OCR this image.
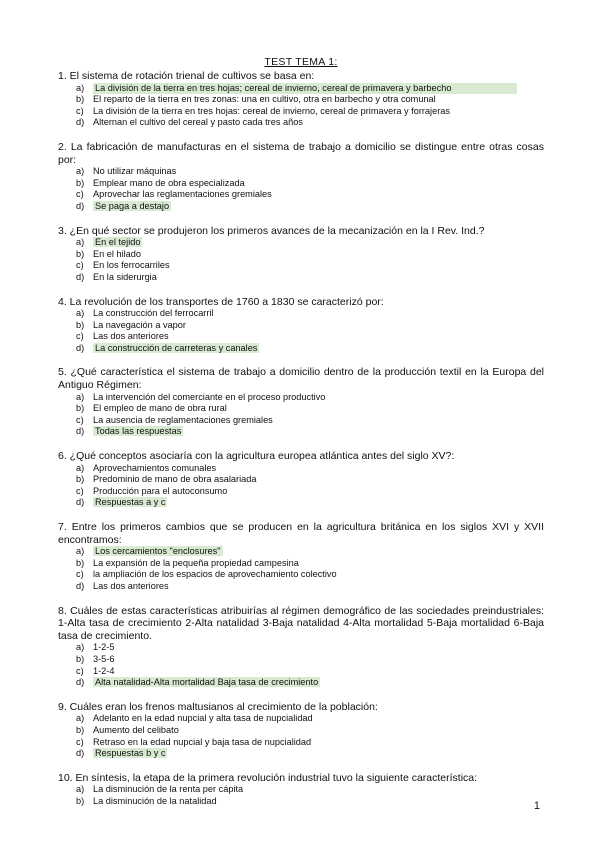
TEST TEMA 1:
1. El sistema de rotación trienal de cultivos se basa en:
a) La división de la tierra en tres hojas; cereal de invierno, cereal de primavera y barbecho
b) El reparto de la tierra en tres zonas: una en cultivo, otra en barbecho y otra comunal
c) La división de la tierra en tres hojas: cereal de invierno, cereal de primavera y forrajeras
d) Alternan el cultivo del cereal y pasto cada tres años
2. La fabricación de manufacturas en el sistema de trabajo a domicilio se distingue entre otras cosas por:
a) No utilizar máquinas
b) Emplear mano de obra especializada
c) Aprovechar las reglamentaciones gremiales
d) Se paga a destajo
3. ¿En qué sector se produjeron los primeros avances de la mecanización en la I Rev. Ind.?
a) En el tejido
b) En el hilado
c) En los ferrocarriles
d) En la siderurgia
4. La revolución de los transportes de 1760 a 1830 se caracterizó por:
a) La construcción del ferrocarril
b) La navegación a vapor
c) Las dos anteriores
d) La construcción de carreteras y canales
5. ¿Qué característica el sistema de trabajo a domicilio dentro de la producción textil en la Europa del Antiguo Régimen:
a) La intervención del comerciante en el proceso productivo
b) El empleo de mano de obra rural
c) La ausencia de reglamentaciones gremiales
d) Todas las respuestas
6. ¿Qué conceptos asociaría con la agricultura europea atlántica antes del siglo XV?:
a) Aprovechamientos comunales
b) Predominio de mano de obra asalariada
c) Producción para el autoconsumo
d) Respuestas a y c
7. Entre los primeros cambios que se producen en la agricultura británica en los siglos XVI y XVII encontramos:
a) Los cercamientos "enclosures"
b) La expansión de la pequeña propiedad campesina
c) la ampliación de los espacios de aprovechamiento colectivo
d) Las dos anteriores
8. Cuáles de estas características atribuirías al régimen demográfico de las sociedades preindustriales: 1-Alta tasa de crecimiento 2-Alta natalidad 3-Baja natalidad 4-Alta mortalidad 5-Baja mortalidad 6-Baja tasa de crecimiento.
a) 1-2-5
b) 3-5-6
c) 1-2-4
d) Alta natalidad-Alta mortalidad Baja tasa de crecimiento
9. Cuáles eran los frenos maltusianos al crecimiento de la población:
a) Adelanto en la edad nupcial y alta tasa de nupcialidad
b) Aumento del celibato
c) Retraso en la edad nupcial y baja tasa de nupcialidad
d) Respuestas b y c
10. En síntesis, la etapa de la primera revolución industrial tuvo la siguiente característica:
a) La disminución de la renta per cápita
b) La disminución de la natalidad	1
